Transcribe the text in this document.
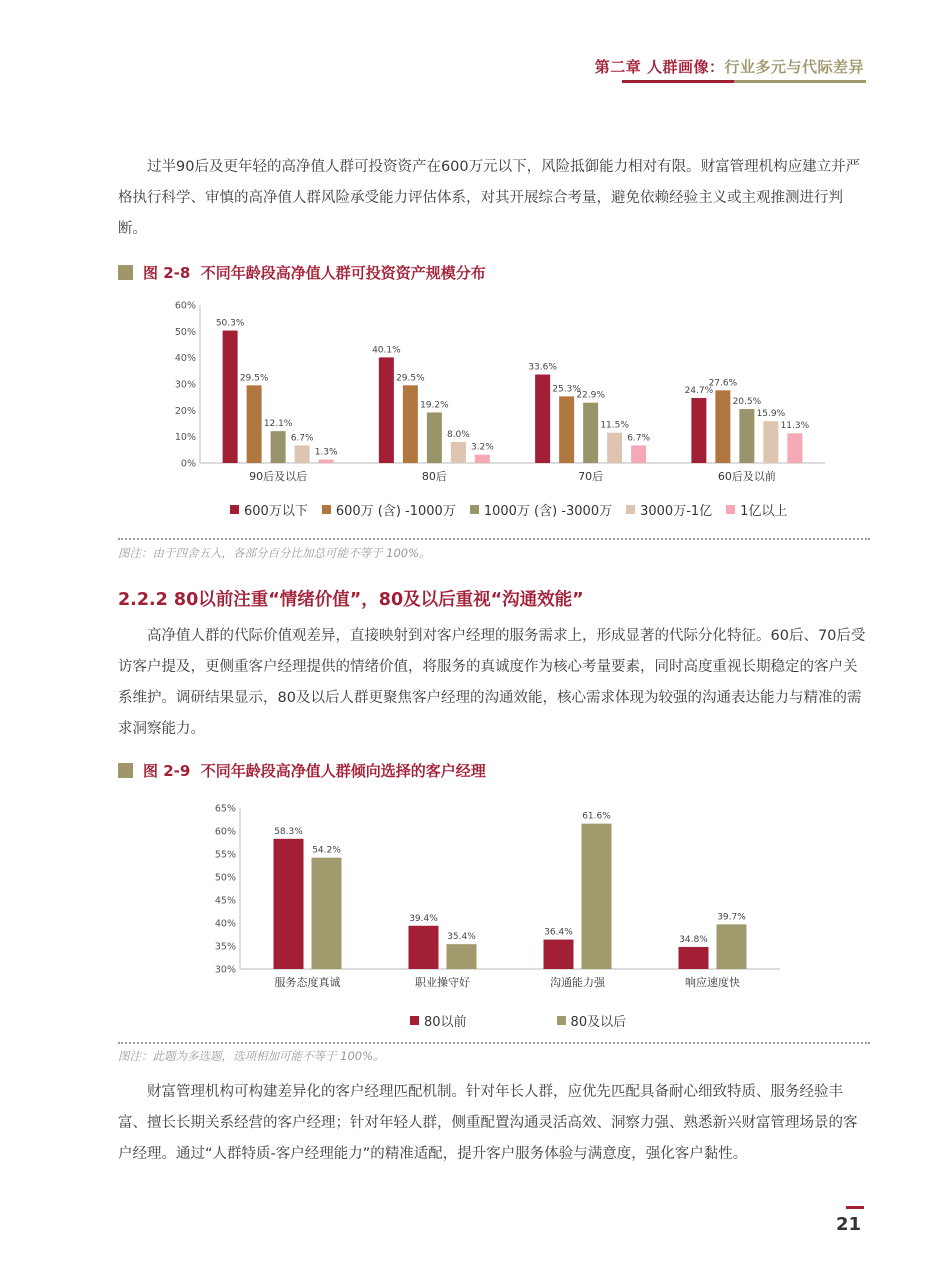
第二章 人群画像：行业多元与代际差异

过半90后及更年轻的高净值人群可投资资产在600万元以下，风险抵御能力相对有限。财富管理机构应建立并严格执行科学、审慎的高净值人群风险承受能力评估体系，对其开展综合考量，避免依赖经验主义或主观推测进行判断。

图 2-8 不同年龄段高净值人群可投资资产规模分布
0%
10%
20%
30%
40%
50%
60%
50.3%
29.5%
12.1%
6.7%
1.3%
90后及以后
40.1%
29.5%
19.2%
8.0%
3.2%
80后
33.6%
25.3%
22.9%
11.5%
6.7%
70后
24.7%
27.6%
20.5%
15.9%
11.3%
60后及以前
600万以下 600万 (含) -1000万 1000万 (含) -3000万 3000万-1亿 1亿以上
图注：由于四舍五入，各部分百分比加总可能不等于 100%。
2.2.2 80以前注重“情绪价值”，80及以后重视“沟通效能”

高净值人群的代际价值观差异，直接映射到对客户经理的服务需求上，形成显著的代际分化特征。60后、70后受访客户提及，更侧重客户经理提供的情绪价值，将服务的真诚度作为核心考量要素，同时高度重视长期稳定的客户关系维护。调研结果显示，80及以后人群更聚焦客户经理的沟通效能，核心需求体现为较强的沟通表达能力与精准的需求洞察能力。

图 2-9 不同年龄段高净值人群倾向选择的客户经理
30%
35%
40%
45%
50%
55%
60%
65%
58.3%
54.2%
服务态度真诚
39.4%
35.4%
职业操守好
36.4%
61.6%
沟通能力强
34.8%
39.7%
响应速度快
80以前	80及以后
图注：此题为多选题，选项相加可能不等于 100%。

财富管理机构可构建差异化的客户经理匹配机制。针对年长人群，应优先匹配具备耐心细致特质、服务经验丰富、擅长长期关系经营的客户经理；针对年轻人群，侧重配置沟通灵活高效、洞察力强、熟悉新兴财富管理场景的客户经理。通过“人群特质-客户经理能力”的精准适配，提升客户服务体验与满意度，强化客户黏性。

21
